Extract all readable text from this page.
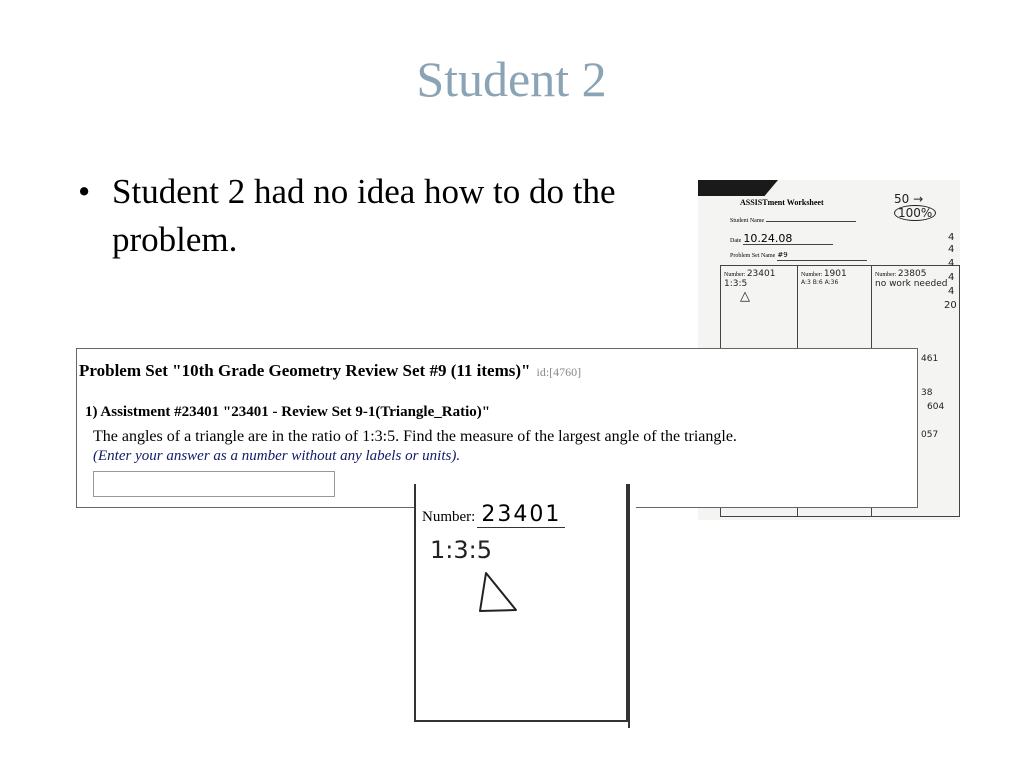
Student 2
• Student 2 had no idea how to do the problem.
ASSISTment Worksheet	50 → 100%
Student Name
Date 10.24.08
Problem Set Name #9
Number: 23401
1:3:5
△
Number: 1901
A:3 B:6 A:36
Number: 23805
no work needed
461
38
604
057
4
4
4
4
4
20
Problem Set "10th Grade Geometry Review Set #9 (11 items)" id:[4760]
1) Assistment #23401 "23401 - Review Set 9-1(Triangle_Ratio)"
The angles of a triangle are in the ratio of 1:3:5. Find the measure of the largest angle of the triangle.
(Enter your answer as a number without any labels or units).
Number: 23401
1:3:5
